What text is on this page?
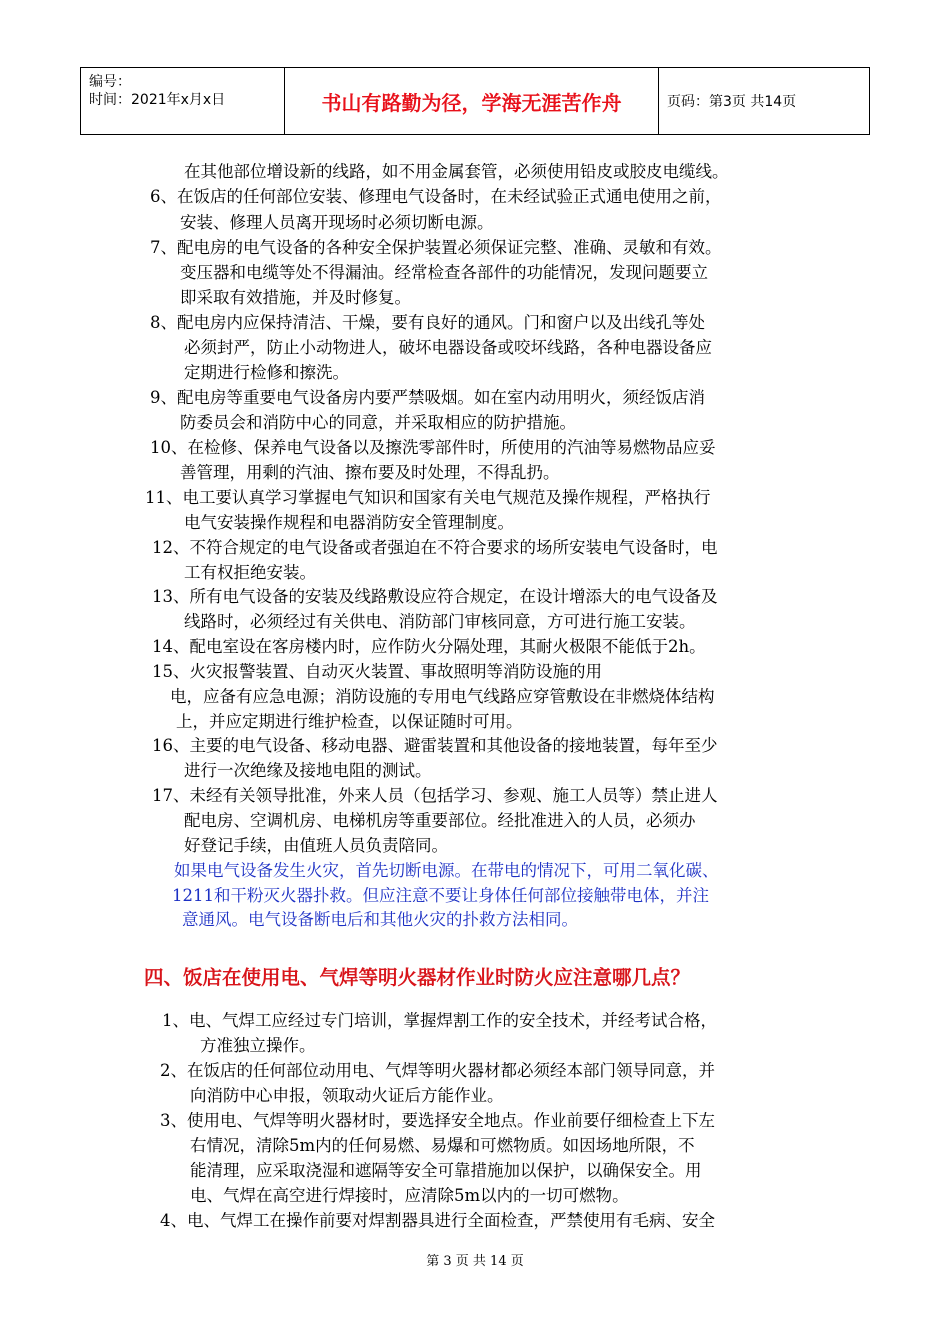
编号：
时间：2021年x月x日	书山有路勤为径，学海无涯苦作舟	页码：第3页 共14页
在其他部位增设新的线路，如不用金属套管，必须使用铅皮或胶皮电缆线。
6、在饭店的任何部位安装、修理电气设备时，在未经试验正式通电使用之前，
安装、修理人员离开现场时必须切断电源。
7、配电房的电气设备的各种安全保护装置必须保证完整、准确、灵敏和有效。
变压器和电缆等处不得漏油。经常检查各部件的功能情况，发现问题要立
即采取有效措施，并及时修复。
8、配电房内应保持清洁、干燥，要有良好的通风。门和窗户以及出线孔等处
必须封严，防止小动物进人，破坏电器设备或咬坏线路，各种电器设备应
定期进行检修和擦洗。
9、配电房等重要电气设备房内要严禁吸烟。如在室内动用明火，须经饭店消
防委员会和消防中心的同意，并采取相应的防护措施。
10、在检修、保养电气设备以及擦洗零部件时，所使用的汽油等易燃物品应妥
善管理，用剩的汽油、擦布要及时处理，不得乱扔。
11、电工要认真学习掌握电气知识和国家有关电气规范及操作规程，严格执行
电气安装操作规程和电器消防安全管理制度。
12、不符合规定的电气设备或者强迫在不符合要求的场所安装电气设备时，电
工有权拒绝安装。
13、所有电气设备的安装及线路敷设应符合规定，在设计增添大的电气设备及
线路时，必须经过有关供电、消防部门审核同意，方可进行施工安装。
14、配电室设在客房楼内时，应作防火分隔处理，其耐火极限不能低于2h。
15、火灾报警装置、自动灭火装置、事故照明等消防设施的用
电，应备有应急电源；消防设施的专用电气线路应穿管敷设在非燃烧体结构
上，并应定期进行维护检查，以保证随时可用。
16、主要的电气设备、移动电器、避雷装置和其他设备的接地装置，每年至少
进行一次绝缘及接地电阻的测试。
17、未经有关领导批准，外来人员（包括学习、参观、施工人员等）禁止进人
配电房、空调机房、电梯机房等重要部位。经批准进入的人员，必须办
好登记手续，由值班人员负责陪同。
如果电气设备发生火灾，首先切断电源。在带电的情况下，可用二氧化碳、
1211和干粉灭火器扑救。但应注意不要让身体任何部位接触带电体，并注
意通风。电气设备断电后和其他火灾的扑救方法相同。
四、饭店在使用电、气焊等明火器材作业时防火应注意哪几点？
1、电、气焊工应经过专门培训，掌握焊割工作的安全技术，并经考试合格，
方准独立操作。
2、在饭店的任何部位动用电、气焊等明火器材都必须经本部门领导同意，并
向消防中心申报，领取动火证后方能作业。
3、使用电、气焊等明火器材时，要选择安全地点。作业前要仔细检查上下左
右情况，清除5m内的任何易燃、易爆和可燃物质。如因场地所限，不
能清理，应采取浇湿和遮隔等安全可靠措施加以保护，以确保安全。用
电、气焊在高空进行焊接时，应清除5m以内的一切可燃物。
4、电、气焊工在操作前要对焊割器具进行全面检查，严禁使用有毛病、安全
第 3 页 共 14 页
